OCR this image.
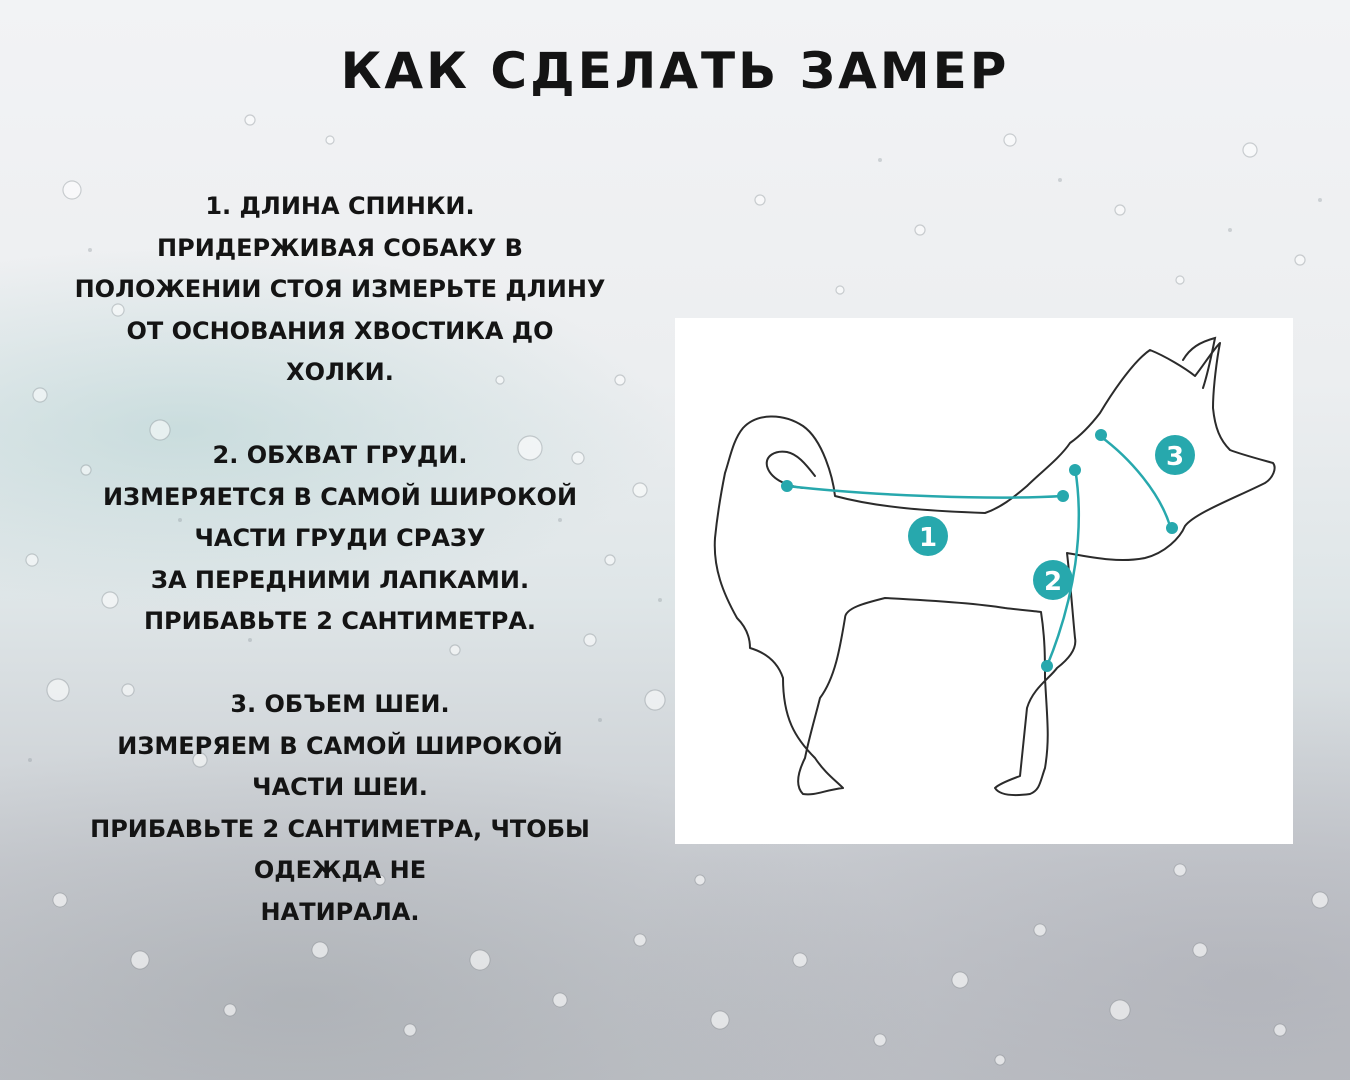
КАК СДЕЛАТЬ ЗАМЕР
1. ДЛИНА СПИНКИ.
ПРИДЕРЖИВАЯ СОБАКУ В
ПОЛОЖЕНИИ СТОЯ ИЗМЕРЬТЕ ДЛИНУ
ОТ ОСНОВАНИЯ ХВОСТИКА ДО
ХОЛКИ.
2. ОБХВАТ ГРУДИ.
ИЗМЕРЯЕТСЯ В САМОЙ ШИРОКОЙ
ЧАСТИ ГРУДИ СРАЗУ
ЗА ПЕРЕДНИМИ ЛАПКАМИ.
ПРИБАВЬТЕ 2 САНТИМЕТРА.
3. ОБЪЕМ ШЕИ.
ИЗМЕРЯЕМ В САМОЙ ШИРОКОЙ
ЧАСТИ ШЕИ.
ПРИБАВЬТЕ 2 САНТИМЕТРА, ЧТОБЫ
ОДЕЖДА НЕ
НАТИРАЛА.
1
2
3
